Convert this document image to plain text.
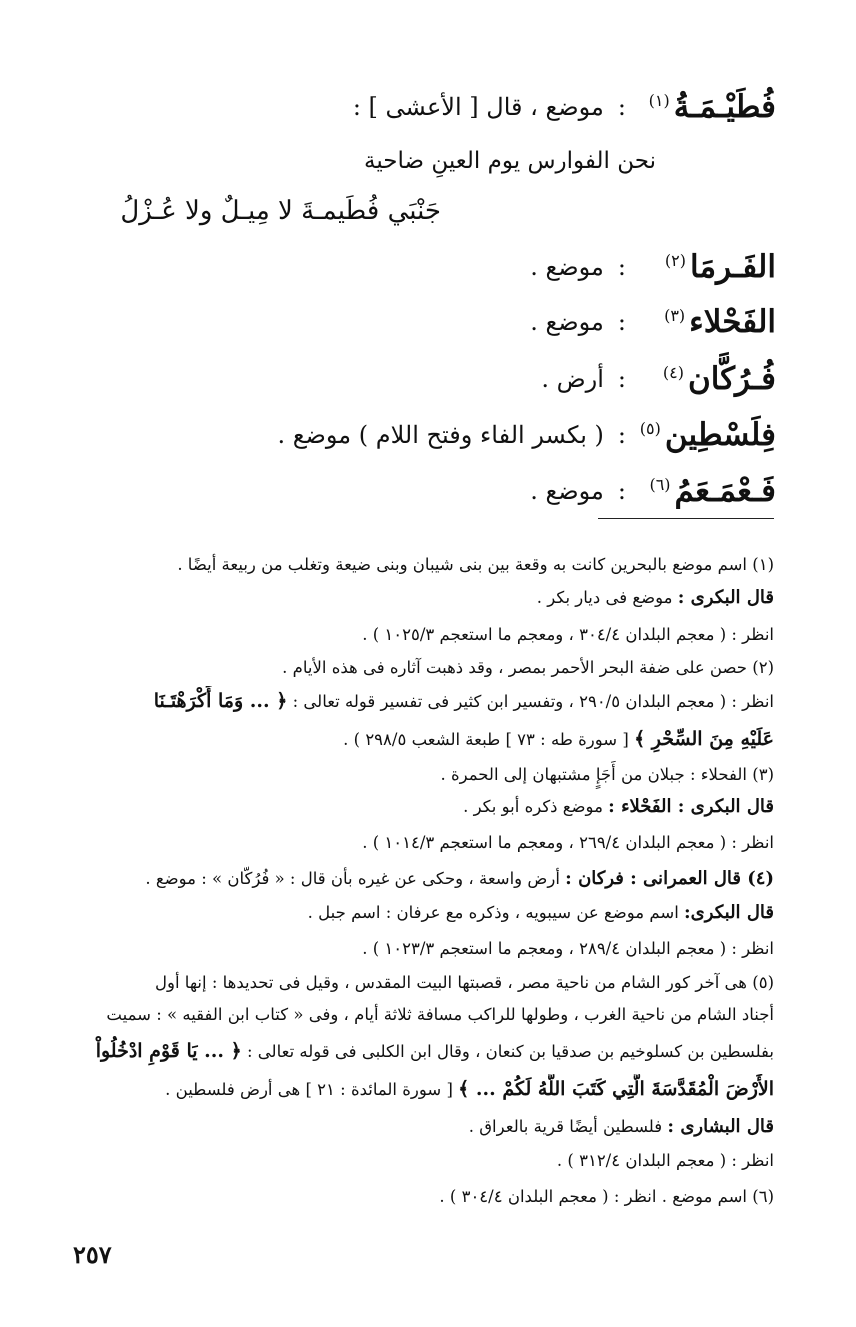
فُطَيْـمَـةُ$^{(١)}$
:
موضع ، قال [ الأعشى ] :
نحن الفوارس يوم العينِ ضاحية
جَنْبَي فُطَيمـةَ لا مِيـلٌ ولا عُـزْلُ
الفَـرمَا$^{(٢)}$
:
موضع .
الفَحْلاء$^{(٣)}$
:
موضع .
فُـرُكَّان$^{(٤)}$
:
أرض .
فِلَسْطِين$^{(٥)}$
:
( بكسر الفاء وفتح اللام ) موضع .
فَـعْمَـعَمُ$^{(٦)}$
:
موضع .
(١) اسم موضع بالبحرين كانت به وقعة بين بنى شيبان وبنى ضيعة وتغلب من ربيعة أيضًا .
قال البكرى : موضع فى ديار بكر .
انظر : ( معجم البلدان ٣٠٤/٤ ، ومعجم ما استعجم ١٠٢٥/٣ ) .
(٢) حصن على ضفة البحر الأحمر بمصر ، وقد ذهبت آثاره فى هذه الأيام .
انظر : ( معجم البلدان ٢٩٠/٥ ، وتفسير ابن كثير فى تفسير قوله تعالى : ﴿ ... وَمَا أَكْرَهْتَـنَا
عَلَيْهِ مِنَ السِّحْرِ ﴾ [ سورة طه : ٧٣ ] طبعة الشعب ٢٩٨/٥ ) .
(٣) الفحلاء : جبلان من أَجَإٍ مشتبهان إلى الحمرة .
قال البكرى : الفَحْلاء : موضع ذكره أبو بكر .
انظر : ( معجم البلدان ٢٦٩/٤ ، ومعجم ما استعجم ١٠١٤/٣ ) .
(٤) قال العمرانى : فركان : أرض واسعة ، وحكى عن غيره بأن قال : « فُرُكّان » : موضع .
قال البكرى: اسم موضع عن سيبويه ، وذكره مع عرفان : اسم جبل .
انظر : ( معجم البلدان ٢٨٩/٤ ، ومعجم ما استعجم ١٠٢٣/٣ ) .
(٥) هى آخر كور الشام من ناحية مصر ، قصبتها البيت المقدس ، وقيل فى تحديدها : إنها أول
أجناد الشام من ناحية الغرب ، وطولها للراكب مسافة ثلاثة أيام ، وفى « كتاب ابن الفقيه » : سميت
بفلسطين بن كسلوخيم بن صدقيا بن كنعان ، وقال ابن الكلبى فى قوله تعالى : ﴿ ... يَا قَوْمِ ادْخُلُواْ
الأَرْضَ الْمُقَدَّسَةَ الَّتِي كَتَبَ اللَّهُ لَكُمْ ... ﴾ [ سورة المائدة : ٢١ ] هى أرض فلسطين .
قال البشارى : فلسطين أيضًا قرية بالعراق .
انظر : ( معجم البلدان ٣١٢/٤ ) .
(٦) اسم موضع . انظر : ( معجم البلدان ٣٠٤/٤ ) .
٢٥٧
